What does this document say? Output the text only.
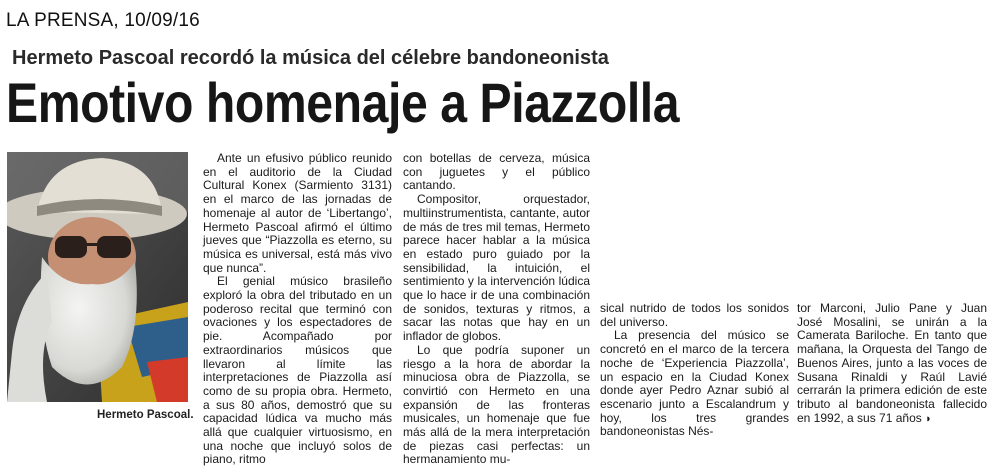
LA PRENSA, 10/09/16
Hermeto Pascoal recordó la música del célebre bandoneonista
Emotivo homenaje a Piazzolla
Hermeto Pascoal.

Ante un efusivo público reunido en el auditorio de la Ciudad Cultural Konex (Sarmiento 3131) en el marco de las jornadas de homenaje al autor de ‘Libertango’, Hermeto Pascoal afirmó el último jueves que “Piazzolla es eterno, su música es universal, está más vivo que nunca”.

El genial músico brasileño exploró la obra del tributado en un poderoso recital que terminó con ovaciones y los espectadores de pie. Acompañado por extraordinarios músicos que llevaron al límite las interpretaciones de Piazzolla así como de su propia obra. Hermeto, a sus 80 años, demostró que su capacidad lúdica va mucho más allá que cualquier virtuosismo, en una noche que incluyó solos de piano, ritmo

con botellas de cerveza, música con juguetes y el público cantando.

Compositor, orquestador, multiinstrumentista, cantante, autor de más de tres mil temas, Hermeto parece hacer hablar a la música en estado puro guiado por la sensibilidad, la intuición, el sentimiento y la intervención lúdica que lo hace ir de una combinación de sonidos, texturas y ritmos, a sacar las notas que hay en un inflador de globos.

Lo que podría suponer un riesgo a la hora de abordar la minuciosa obra de Piazzolla, se convirtió con Hermeto en una expansión de las fronteras musicales, un homenaje que fue más allá de la mera interpretación de piezas casi perfectas: un hermanamiento mu-

sical nutrido de todos los sonidos del universo.

La presencia del músico se concretó en el marco de la tercera noche de ‘Experiencia Piazzolla’, un espacio en la Ciudad Konex donde ayer Pedro Aznar subió al escenario junto a Escalandrum y hoy, los tres grandes bandoneonistas Nés-

tor Marconi, Julio Pane y Juan José Mosalini, se unirán a la Camerata Bariloche. En tanto que mañana, la Orquesta del Tango de Buenos Aires, junto a las voces de Susana Rinaldi y Raúl Lavié cerrarán la primera edición de este tributo al bandoneonista fallecido en 1992, a sus 71 años ◗
